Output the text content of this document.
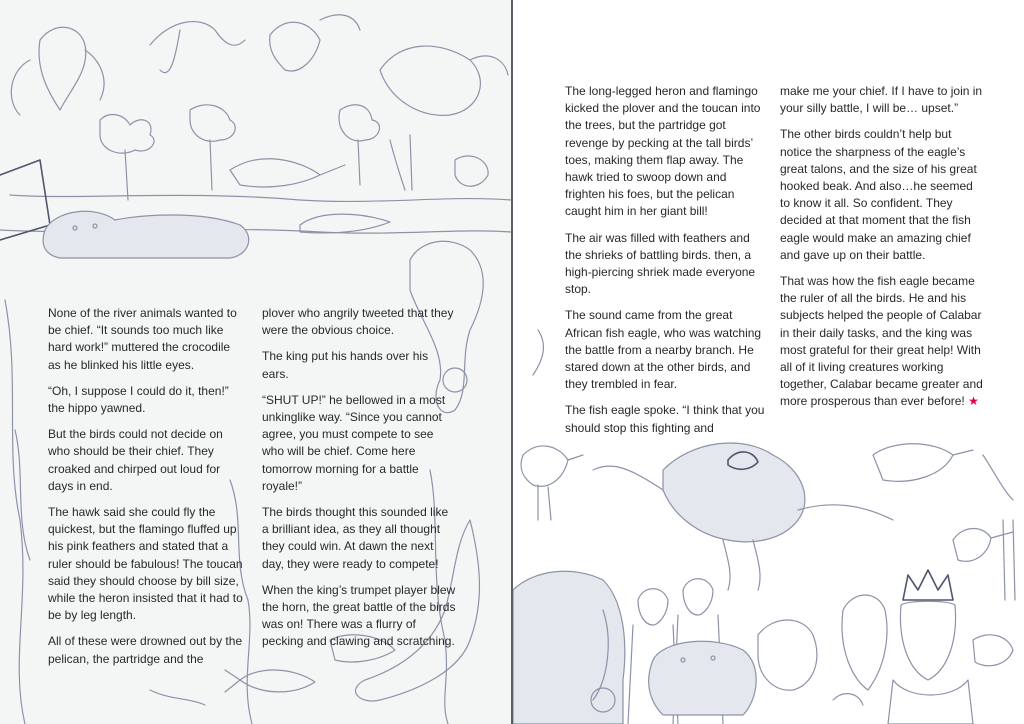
None of the river animals wanted to be chief. “It sounds too much like hard work!” muttered the crocodile as he blinked his little eyes.

“Oh, I suppose I could do it, then!” the hippo yawned.

But the birds could not decide on who should be their chief. They croaked and chirped out loud for days in end.

The hawk said she could fly the quickest, but the flamingo fluffed up his pink feathers and stated that a ruler should be fabulous! The toucan said they should choose by bill size, while the heron insisted that it had to be by leg length.

All of these were drowned out by the pelican, the partridge and the

plover who angrily tweeted that they were the obvious choice.

The king put his hands over his ears.

“SHUT UP!” he bellowed in a most unkinglike way. “Since you cannot agree, you must compete to see who will be chief. Come here tomorrow morning for a battle royale!”

The birds thought this sounded like a brilliant idea, as they all thought they could win. At dawn the next day, they were ready to compete!

When the king’s trumpet player blew the horn, the great battle of the birds was on! There was a flurry of pecking and clawing and scratching.

The long-legged heron and flamingo kicked the plover and the toucan into the trees, but the partridge got revenge by pecking at the tall birds’ toes, making them flap away. The hawk tried to swoop down and frighten his foes, but the pelican caught him in her giant bill!

The air was filled with feathers and the shrieks of battling birds. then, a high-piercing shriek made everyone stop.

The sound came from the great African fish eagle, who was watching the battle from a nearby branch. He stared down at the other birds, and they trembled in fear.

The fish eagle spoke. “I think that you should stop this fighting and

make me your chief. If I have to join in your silly battle, I will be… upset.”

The other birds couldn’t help but notice the sharpness of the eagle’s great talons, and the size of his great hooked beak. And also…he seemed to know it all. So confident. They decided at that moment that the fish eagle would make an amazing chief and gave up on their battle.

That was how the fish eagle became the ruler of all the birds. He and his subjects helped the people of Calabar in their daily tasks, and the king was most grateful for their great help! With all of it living creatures working together, Calabar became greater and more prosperous than ever before! ★
